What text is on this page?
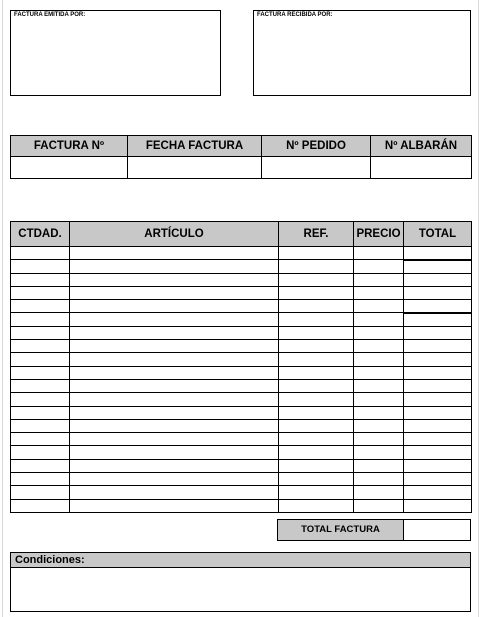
FACTURA EMITIDA POR:	FACTURA RECIBIDA POR:
FACTURA Nº	FECHA FACTURA	Nº PEDIDO	Nº ALBARÁN

CTDAD.	ARTÍCULO	REF.	PRECIO	TOTAL

TOTAL FACTURA
Condiciones:
